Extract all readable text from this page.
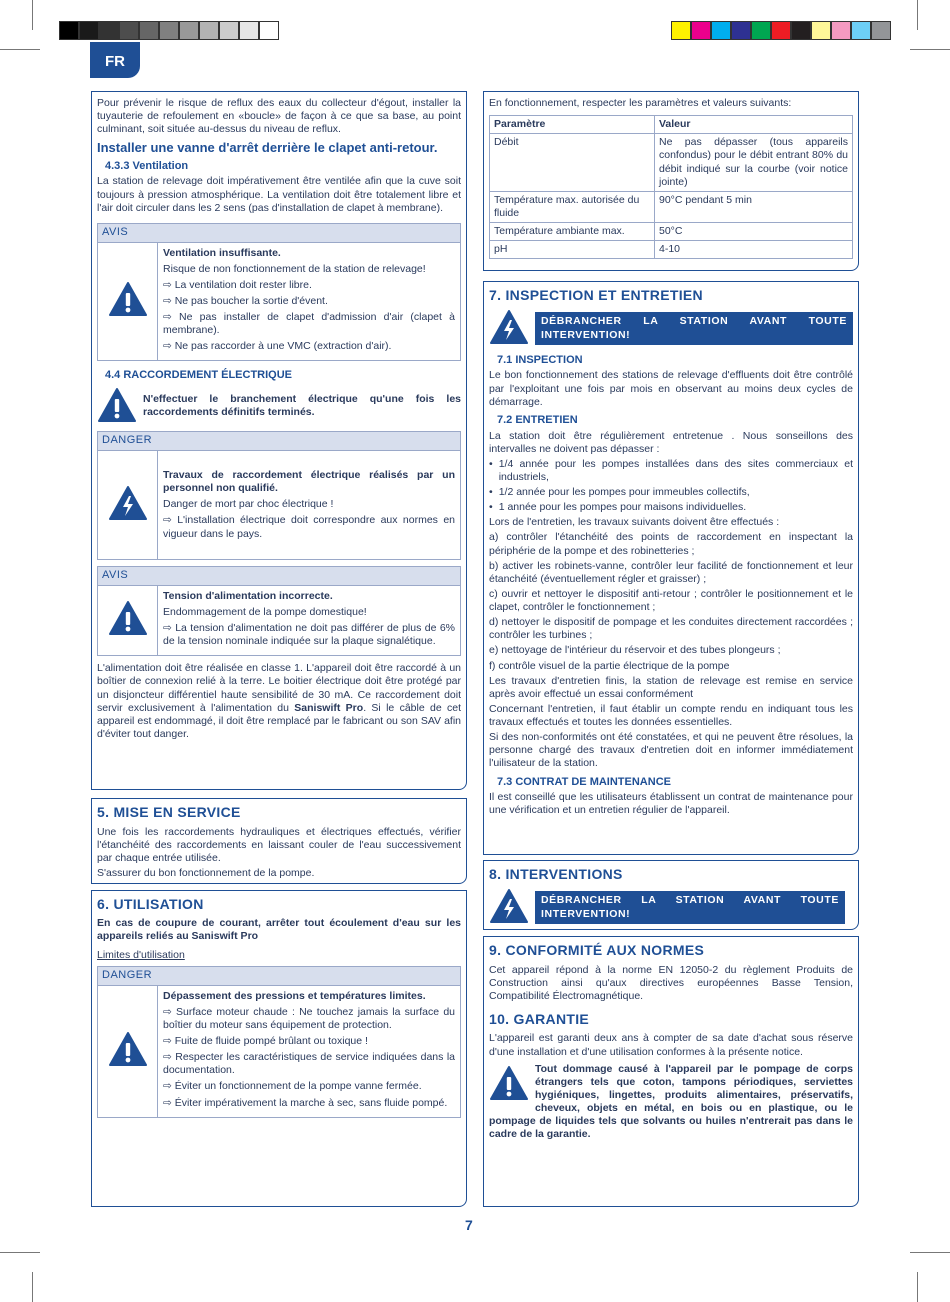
FR

Pour prévenir le risque de reflux des eaux du collecteur d'égout, installer la tuyauterie de refoulement en «boucle» de façon à ce que sa base, au point culminant, soit située au-dessus du niveau de reflux.

Installer une vanne d'arrêt derrière le clapet anti-retour.
4.3.3 Ventilation

La station de relevage doit impérativement être ventilée afin que la cuve soit toujours à pression atmosphérique. La ventilation doit être totalement libre et l'air doit circuler dans les 2 sens (pas d'installation de clapet à membrane).

AVIS

Ventilation insuffisante.

Risque de non fonctionnement de la station de relevage!

⇨ La ventilation doit rester libre.

⇨ Ne pas boucher la sortie d'évent.

⇨ Ne pas installer de clapet d'admission d'air (clapet à membrane).

⇨ Ne pas raccorder à une VMC (extraction d'air).

4.4 RACCORDEMENT ÉLECTRIQUE

N'effectuer le branchement électrique qu'une fois les raccordements définitifs terminés.

DANGER

Travaux de raccordement électrique réalisés par un personnel non qualifié.

Danger de mort par choc électrique !

⇨ L'installation électrique doit correspondre aux normes en vigueur dans le pays.

AVIS

Tension d'alimentation incorrecte.

Endommagement de la pompe domestique!

⇨ La tension d'alimentation ne doit pas différer de plus de 6% de la tension nominale indiquée sur la plaque signalétique.

L'alimentation doit être réalisée en classe 1. L'appareil doit être raccordé à un boîtier de connexion relié à la terre. Le boitier électrique doit être protégé par un disjoncteur différentiel haute sensibilité de 30 mA. Ce raccordement doit servir exclusivement à l'alimentation du Saniswift Pro. Si le câble de cet appareil est endommagé, il doit être remplacé par le fabricant ou son SAV afin d'éviter tout danger.

5. MISE EN SERVICE

Une fois les raccordements hydrauliques et électriques effectués, vérifier l'étanchéité des raccordements en laissant couler de l'eau successivement par chaque entrée utilisée.

S'assurer du bon fonctionnement de la pompe.

6. UTILISATION

En cas de coupure de courant, arrêter tout écoulement d'eau sur les appareils reliés au Saniswift Pro

Limites d'utilisation

DANGER

Dépassement des pressions et températures limites.

⇨ Surface moteur chaude : Ne touchez jamais la surface du boîtier du moteur sans équipement de protection.

⇨ Fuite de fluide pompé brûlant ou toxique !

⇨ Respecter les caractéristiques de service indiquées dans la documentation.

⇨ Éviter un fonctionnement de la pompe vanne fermée.

⇨ Éviter impérativement la marche à sec, sans fluide pompé.

En fonctionnement, respecter les paramètres et valeurs suivants:

Paramètre	Valeur
Débit	Ne pas dépasser (tous appareils confondus) pour le débit entrant 80% du débit indiqué sur la courbe (voir notice jointe)
Température max. autorisée du fluide	90°C pendant 5 min
Température ambiante max.	50°C
pH	4-10
7. INSPECTION ET ENTRETIEN
DÉBRANCHER LA STATION AVANT TOUTE INTERVENTION!
7.1 INSPECTION

Le bon fonctionnement des stations de relevage d'effluents doit être contrôlé par l'exploitant une fois par mois en observant au moins deux cycles de démarrage.

7.2 ENTRETIEN

La station doit être régulièrement entretenue . Nous sonseillons des intervalles ne doivent pas dépasser :

• 1/4 année pour les pompes installées dans des sites commerciaux et industriels,

• 1/2 année pour les pompes pour immeubles collectifs,

• 1 année pour les pompes pour maisons individuelles.

Lors de l'entretien, les travaux suivants doivent être effectués :

a) contrôler l'étanchéité des points de raccordement en inspectant la périphérie de la pompe et des robinetteries ;

b) activer les robinets-vanne, contrôler leur facilité de fonctionnement et leur étanchéité (éventuellement régler et graisser) ;

c) ouvrir et nettoyer le dispositif anti-retour ; contrôler le positionnement et le clapet, contrôler le fonctionnement ;

d) nettoyer le dispositif de pompage et les conduites directement raccordées ; contrôler les turbines ;

e) nettoyage de l'intérieur du réservoir et des tubes plongeurs ;

f) contrôle visuel de la partie électrique de la pompe

Les travaux d'entretien finis, la station de relevage est remise en service après avoir effectué un essai conformément

Concernant l'entretien, il faut établir un compte rendu en indiquant tous les travaux effectués et toutes les données essentielles.

Si des non-conformités ont été constatées, et qui ne peuvent être résolues, la personne chargé des travaux d'entretien doit en informer immédiatement l'uilisateur de la station.

7.3 CONTRAT DE MAINTENANCE

Il est conseillé que les utilisateurs établissent un contrat de maintenance pour une vérification et un entretien régulier de l'appareil.

8. INTERVENTIONS
DÉBRANCHER LA STATION AVANT TOUTE INTERVENTION!
9. CONFORMITÉ AUX NORMES

Cet appareil répond à la norme EN 12050-2 du règlement Produits de Construction ainsi qu'aux directives européennes Basse Tension, Compatibilité Électromagnétique.

10. GARANTIE

L'appareil est garanti deux ans à compter de sa date d'achat sous réserve d'une installation et d'une utilisation conformes à la présente notice.

Tout dommage causé à l'appareil par le pompage de corps étrangers tels que coton, tampons périodiques, serviettes hygiéniques, lingettes, produits alimentaires, préservatifs, cheveux, objets en métal, en bois ou en plastique, ou le pompage de liquides tels que solvants ou huiles n'entrerait pas dans le cadre de la garantie.

7
